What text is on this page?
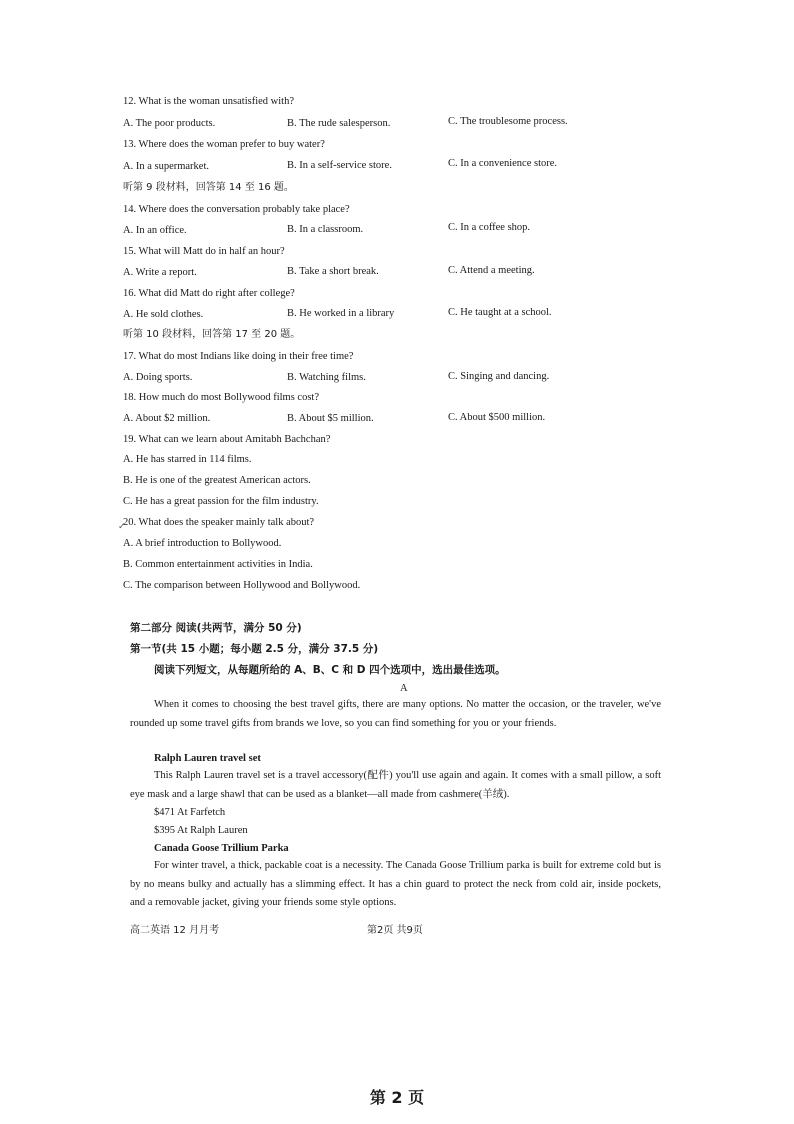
12. What is the woman unsatisfied with?
A. The poor products.	B. The rude salesperson.	C. The troublesome process.
13. Where does the woman prefer to buy water?
A. In a supermarket.	B. In a self-service store.	C. In a convenience store.
听第 9 段材料，回答第 14 至 16 题。
14. Where does the conversation probably take place?
A. In an office.	B. In a classroom.	C. In a coffee shop.
15. What will Matt do in half an hour?
A. Write a report.	B. Take a short break.	C. Attend a meeting.
16. What did Matt do right after college?
A. He sold clothes.	B. He worked in a library	C. He taught at a school.
听第 10 段材料，回答第 17 至 20 题。
17. What do most Indians like doing in their free time?
A. Doing sports.	B. Watching films.	C. Singing and dancing.
18. How much do most Bollywood films cost?
A. About $2 million.	B. About $5 million.	C. About $500 million.
19. What can we learn about Amitabh Bachchan?
A. He has starred in 114 films.
B. He is one of the greatest American actors.
C. He has a great passion for the film industry.
✓
20. What does the speaker mainly talk about?
A. A brief introduction to Bollywood.
B. Common entertainment activities in India.
C. The comparison between Hollywood and Bollywood.
第二部分 阅读(共两节，满分 50 分)
第一节(共 15 小题；每小题 2.5 分，满分 37.5 分)
阅读下列短文，从每题所给的 A、B、C 和 D 四个选项中，选出最佳选项。
A
When it comes to choosing the best travel gifts, there are many options. No matter the occasion, or the traveler, we've rounded up some travel gifts from brands we love, so you can find something for you or your friends.
Ralph Lauren travel set
This Ralph Lauren travel set is a travel accessory(配件) you'll use again and again. It comes with a small pillow, a soft eye mask and a large shawl that can be used as a blanket—all made from cashmere(羊绒).
$471 At Farfetch
$395 At Ralph Lauren
Canada Goose Trillium Parka
For winter travel, a thick, packable coat is a necessity. The Canada Goose Trillium parka is built for extreme cold but is by no means bulky and actually has a slimming effect. It has a chin guard to protect the neck from cold air, inside pockets, and a removable jacket, giving your friends some style options.
高二英语 12 月月考	第2页 共9页
第 2 页
